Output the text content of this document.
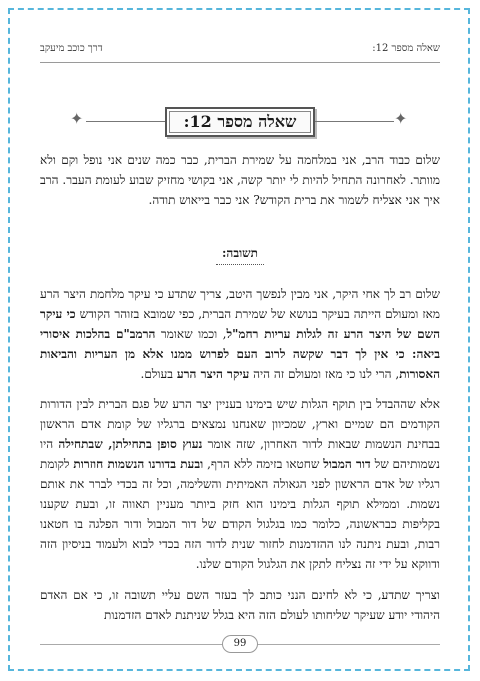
שאלה מספר 12:
דרך כוכב מיעקב
✦	שאלה מספר 12:	✦

שלום כבוד הרב, אני במלחמה על שמירת הברית, כבר כמה שנים אני נופל וקם ולא מוותר. לאחרונה התחיל להיות לי יותר קשה, אני בקושי מחזיק שבוע לעומת העבר. הרב איך אני אצליח לשמור את ברית הקודש? אני כבר בייאוש תודה.

תשובה:

שלום רב לך אחי היקר, אני מבין לנפשך היטב, צריך שתדע כי עיקר מלחמת היצר הרע מאז ומעולם הייתה בעיקר בנושא של שמירת הברית, כפי שמובא בזוהר הקודש כי עיקר השם של היצר הרע זה לגלות עריות רחמ"ל, וכמו שאומר הרמב"ם בהלכות איסורי ביאה: כי אין לך דבר שקשה לרוב העם לפרוש ממנו אלא מן העריות והביאות האסורות, הרי לנו כי מאז ומעולם זה היה עיקר היצר הרע בעולם.

אלא שההבדל בין תוקף הגלות שיש בימינו בעניין יצר הרע של פגם הברית לבין הדורות הקודמים הם שמיים וארץ, שמכיוון שאנחנו נמצאים ברגליו של קומת אדם הראשון בבחינת הנשמות שבאות לדור האחרון, שזה אומר נעוץ סופן בתחילתן, שבתחילה היו נשמותיהם של דור המבול שחטאו בזימה ללא הרף, ובעת בדורנו הנשמות חוזרות לקומת רגליו של אדם הראשון לפני הגאולה האמיתית והשלימה, וכל זה בכדי לברר את אותם נשמות. וממילא תוקף הגלות בימינו הוא חזק ביותר מעניין תאווה זו, ובעת שקענו בקליפות כבראשונה, כלומר כמו בגלגול הקודם של דור המבול ודור הפלגה בו חטאנו רבות, ובעת ניתנה לנו ההזדמנות לחזור שנית לדור הזה בכדי לבוא ולעמוד בניסיון הזה ודווקא על ידי זה נצליח לתקן את הגלגול הקודם שלנו.

וצריך שתדע, כי לא לחינם הנני כותב לך בעזר השם עליי תשובה זו, כי אם האדם היהודי יודע שעיקר שליחותו לעולם הזה היא בגלל שניתנת לאדם הזדמנות

99
